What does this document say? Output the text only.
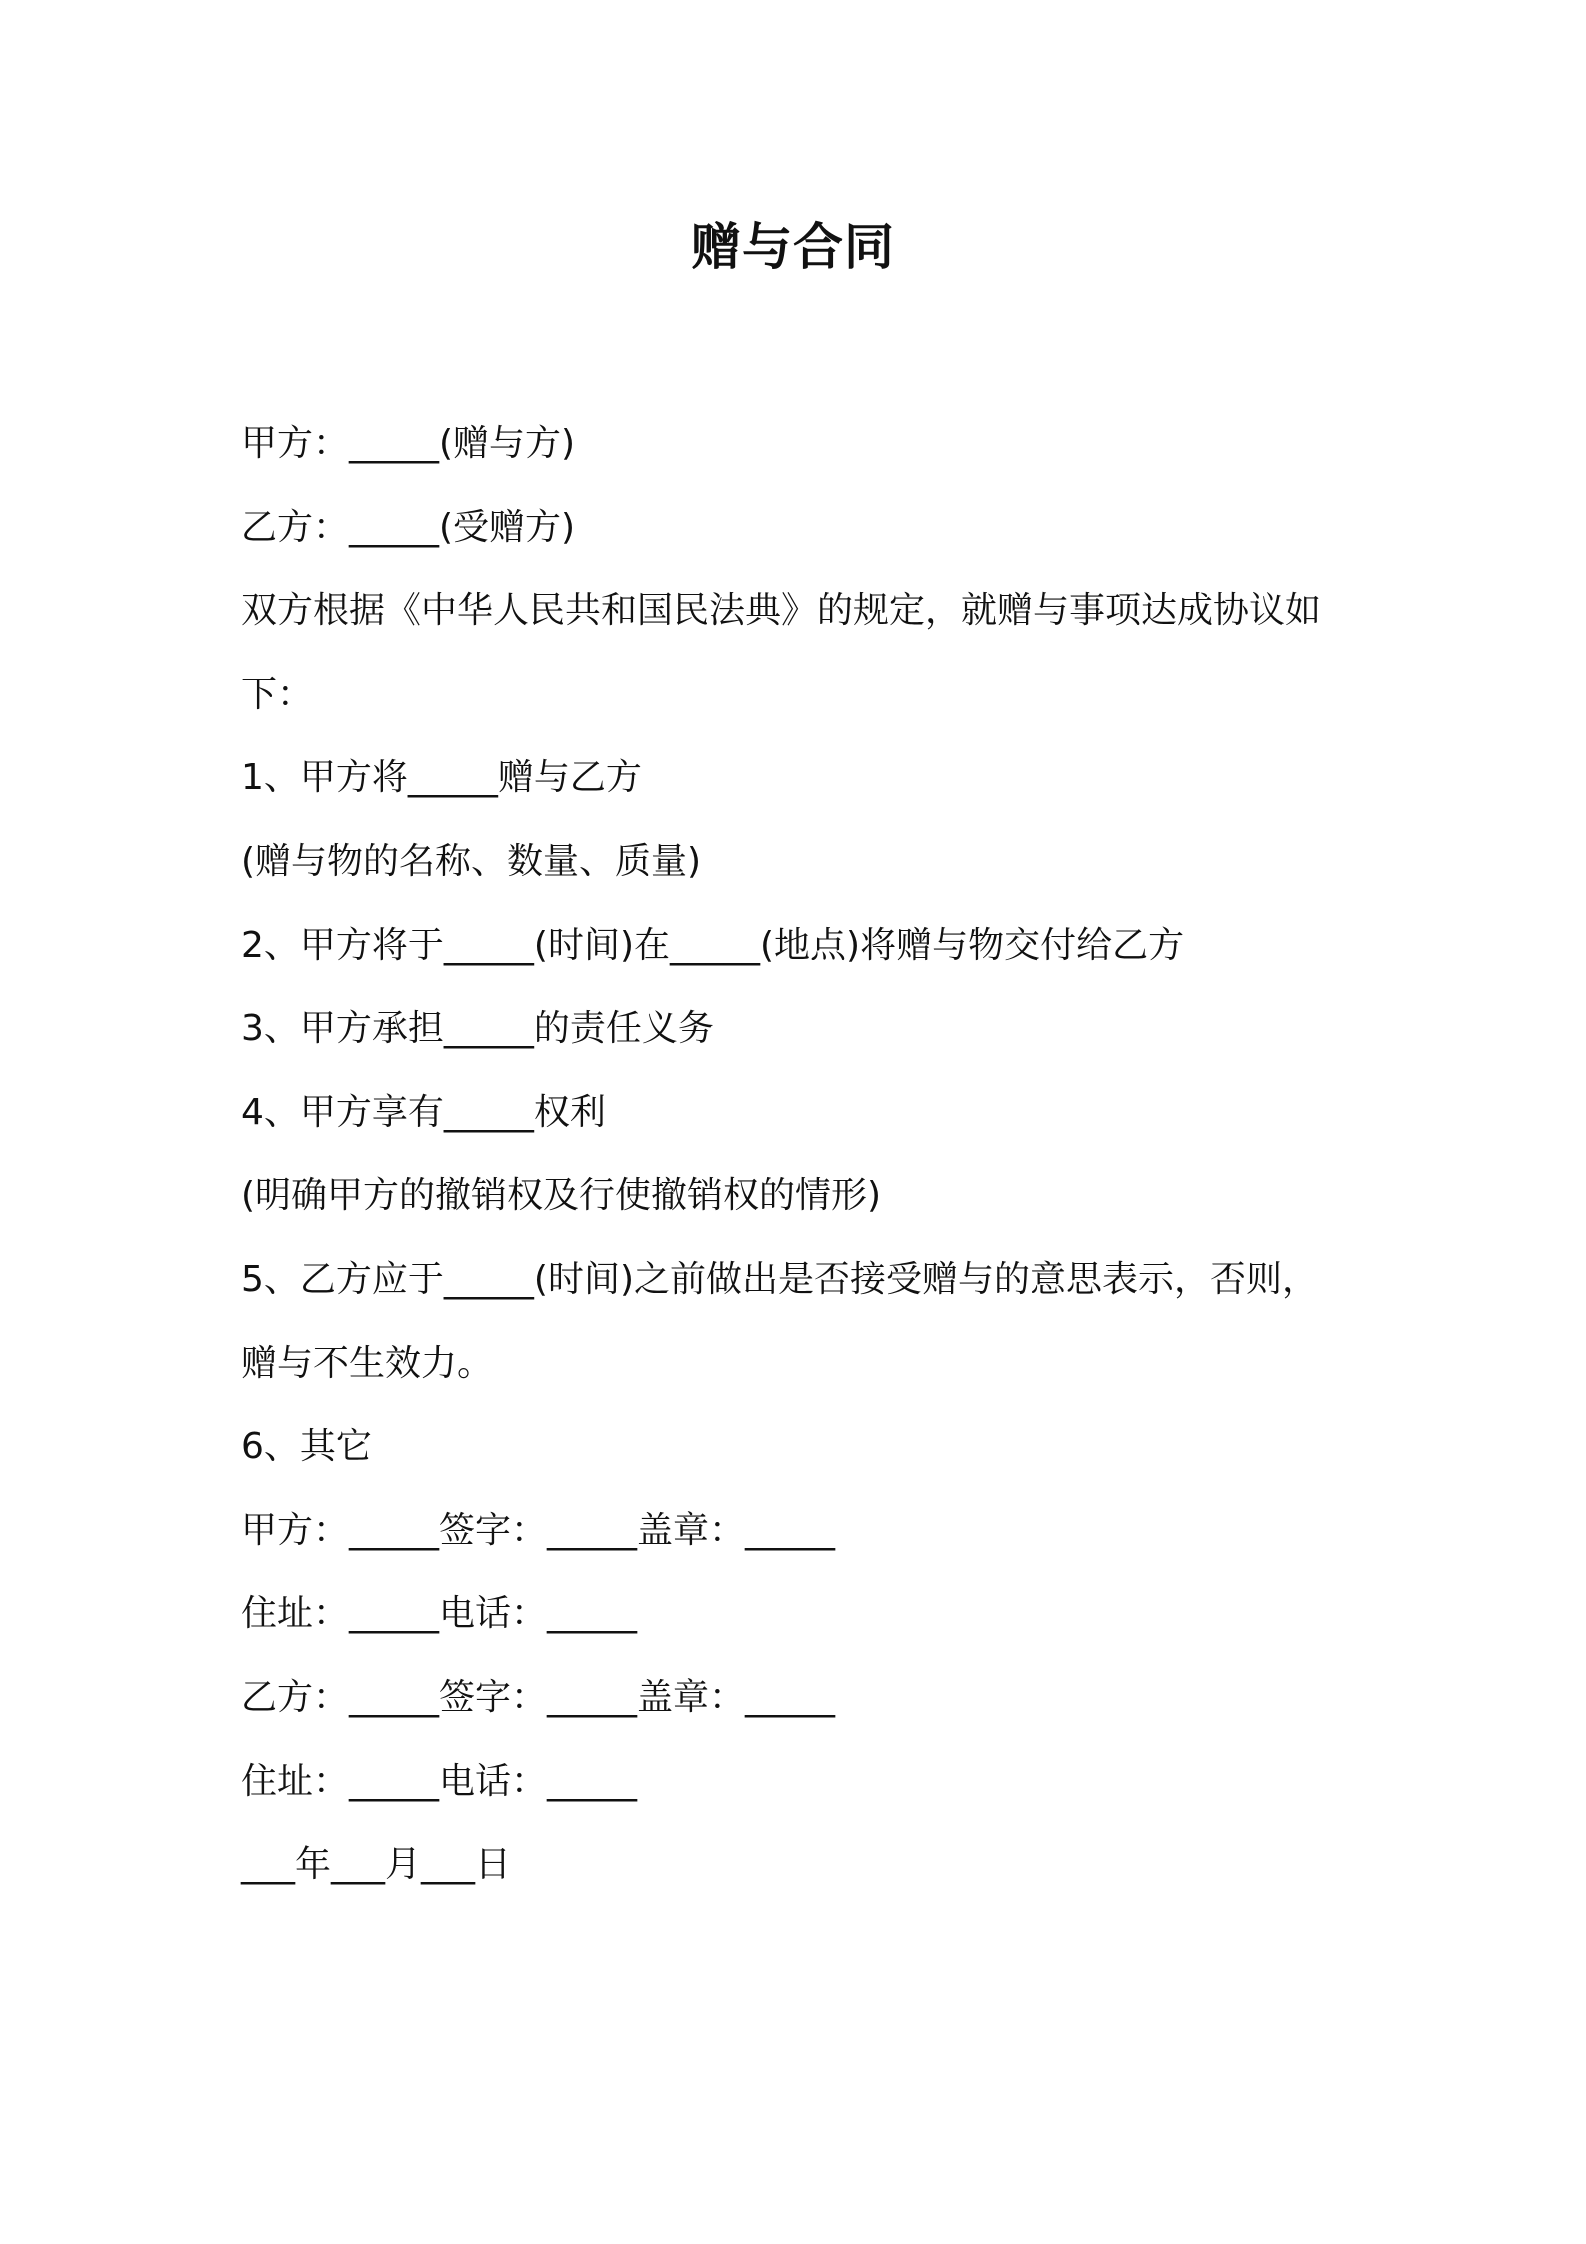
赠与合同

甲方：_____(赠与方)

乙方：_____(受赠方)

双方根据《中华人民共和国民法典》的规定，就赠与事项达成协议如

下：

1、甲方将_____赠与乙方

(赠与物的名称、数量、质量)

2、甲方将于_____(时间)在_____(地点)将赠与物交付给乙方

3、甲方承担_____的责任义务

4、甲方享有_____权利

(明确甲方的撤销权及行使撤销权的情形)

5、乙方应于_____(时间)之前做出是否接受赠与的意思表示，否则，

赠与不生效力。

6、其它

甲方：_____签字：_____盖章：_____

住址：_____电话：_____

乙方：_____签字：_____盖章：_____

住址：_____电话：_____

___年___月___日
